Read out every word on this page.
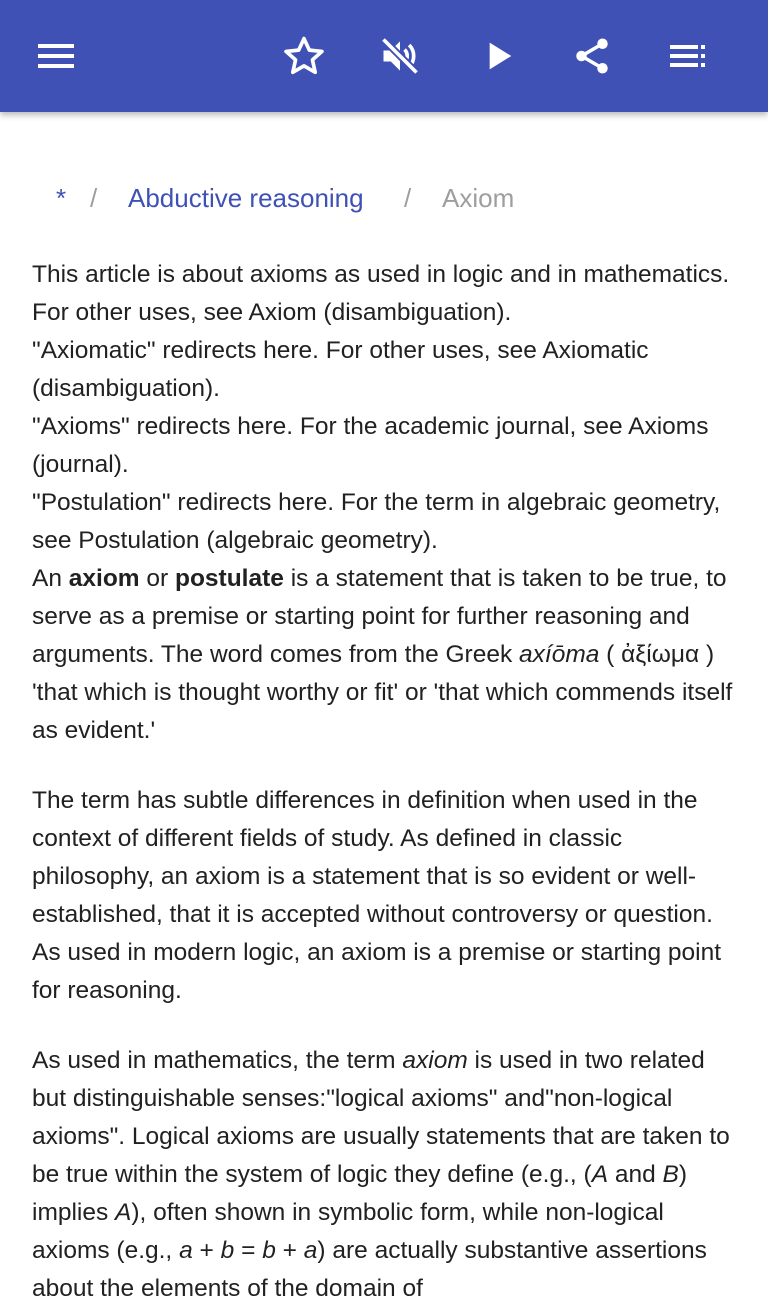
* / Abductive reasoning / Axiom

This article is about axioms as used in logic and in mathematics. For other uses, see Axiom (disambiguation).

"Axiomatic" redirects here. For other uses, see Axiomatic (disambiguation).

"Axioms" redirects here. For the academic journal, see Axioms (journal).

"Postulation" redirects here. For the term in algebraic geometry, see Postulation (algebraic geometry).

An axiom or postulate is a statement that is taken to be true, to serve as a premise or starting point for further reasoning and arguments. The word comes from the Greek axíōma ( ἀξίωμα ) 'that which is thought worthy or fit' or 'that which commends itself as evident.'

The term has subtle differences in definition when used in the context of different fields of study. As defined in classic philosophy, an axiom is a statement that is so evident or well-established, that it is accepted without controversy or question. As used in modern logic, an axiom is a premise or starting point for reasoning.

As used in mathematics, the term axiom is used in two related but distinguishable senses:"logical axioms" and"non-logical axioms". Logical axioms are usually statements that are taken to be true within the system of logic they define (e.g., (A and B) implies A), often shown in symbolic form, while non-logical axioms (e.g., a + b = b + a) are actually substantive assertions about the elements of the domain of
